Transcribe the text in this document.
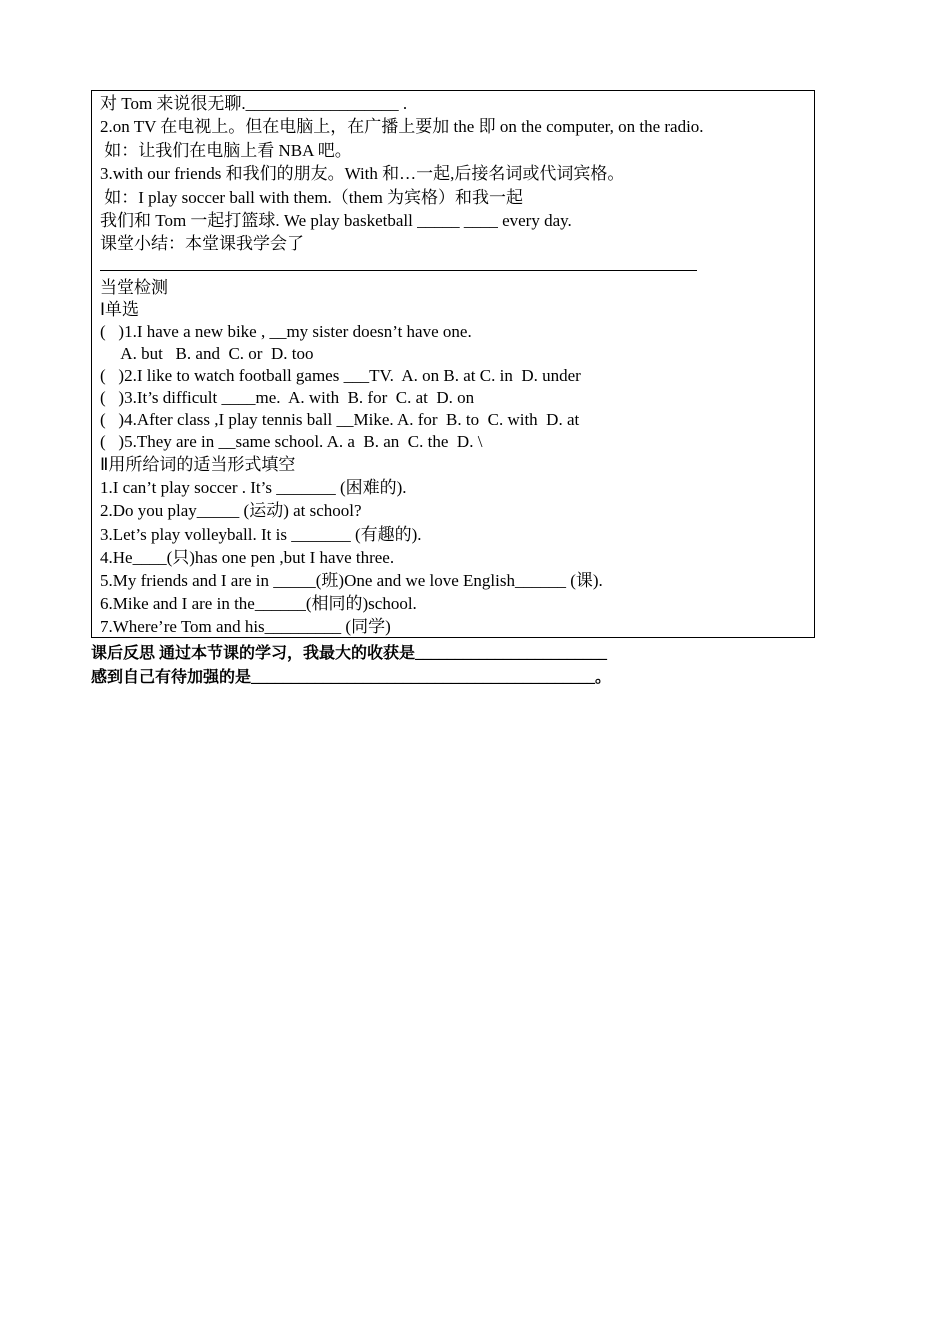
对 Tom 来说很无聊.__________________ .
2.on TV 在电视上。但在电脑上，在广播上要加 the 即 on the computer, on the radio.
如：让我们在电脑上看 NBA 吧。
3.with our friends 和我们的朋友。With 和…一起,后接名词或代词宾格。
如：I play soccer ball with them.（them 为宾格）和我一起
我们和 Tom 一起打篮球. We play basketball _____ ____ every day.
课堂小结：本堂课我学会了
当堂检测
Ⅰ单选
(   )1.I have a new bike , __my sister doesn’t have one.
A. but   B. and  C. or  D. too
(   )2.I like to watch football games ___TV.  A. on B. at C. in  D. under
(   )3.It’s difficult ____me.  A. with  B. for  C. at  D. on
(   )4.After class ,I play tennis ball __Mike. A. for  B. to  C. with  D. at
(   )5.They are in __same school. A. a  B. an  C. the  D. \
Ⅱ用所给词的适当形式填空
1.I can’t play soccer . It’s _______ (困难的).
2.Do you play_____ (运动) at school?
3.Let’s play volleyball. It is _______ (有趣的).
4.He____(只)has one pen ,but I have three.
5.My friends and I are in _____(班)One and we love English______ (课).
6.Mike and I are in the______(相同的)school.
7.Where’re Tom and his_________ (同学)
课后反思 通过本节课的学习，我最大的收获是________________________
感到自己有待加强的是___________________________________________。
